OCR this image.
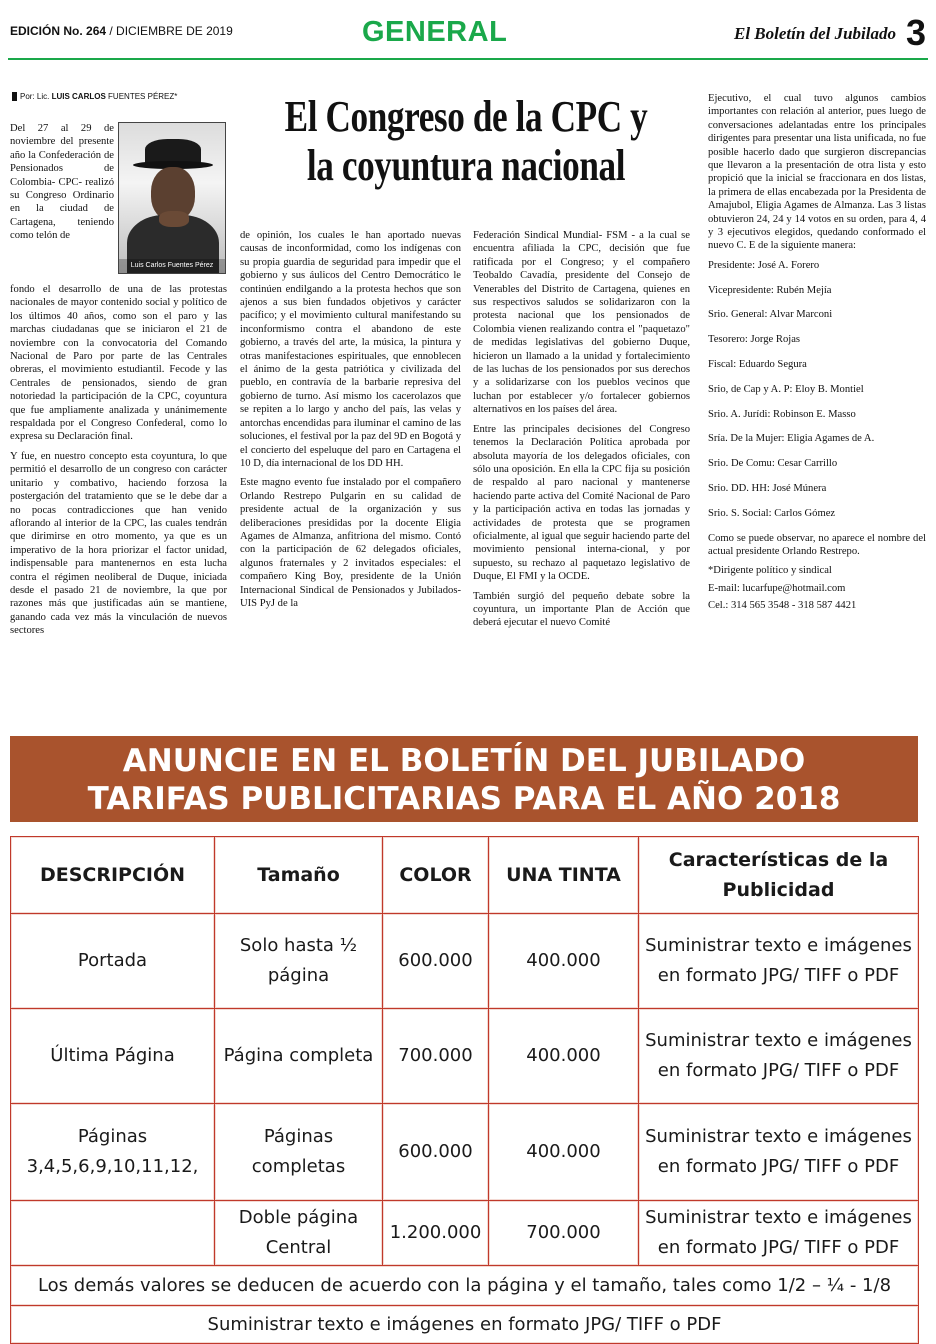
EDICIÓN No. 264 / DICIEMBRE DE 2019	GENERAL	El Boletín del Jubilado 3
Por: Lic. LUIS CARLOS FUENTES PÉREZ* El Congreso de la CPC y la coyuntura nacional
Luis Carlos Fuentes Pérez

Del 27 al 29 de noviembre del presente año la Confederación de Pensionados de Colombia- CPC- realizó su Congreso Ordinario en la ciudad de Cartagena, teniendo como telón de

fondo el desarrollo de una de las protestas nacionales de mayor contenido social y político de los últimos 40 años, como son el paro y las marchas ciudadanas que se iniciaron el 21 de noviembre con la convocatoria del Comando Nacional de Paro por parte de las Centrales obreras, el movimiento estudiantil. Fecode y las Centrales de pensionados, siendo de gran notoriedad la participación de la CPC, coyuntura que fue ampliamente analizada y unánimemente respaldada por el Congreso Confederal, como lo expresa su Declaración final.

Y fue, en nuestro concepto esta coyuntura, lo que permitió el desarrollo de un congreso con carácter unitario y combativo, haciendo forzosa la postergación del tratamiento que se le debe dar a no pocas contradicciones que han venido aflorando al interior de la CPC, las cuales tendrán que dirimirse en otro momento, ya que es un imperativo de la hora priorizar el factor unidad, indispensable para mantenernos en esta lucha contra el régimen neoliberal de Duque, iniciada desde el pasado 21 de noviembre, la que por razones más que justificadas aún se mantiene, ganando cada vez más la vinculación de nuevos sectores

de opinión, los cuales le han aportado nuevas causas de inconformidad, como los indígenas con su propia guardia de seguridad para impedir que el gobierno y sus áulicos del Centro Democrático le continúen endilgando a la protesta hechos que son ajenos a sus bien fundados objetivos y carácter pacífico; y el movimiento cultural manifestando su inconformismo contra el abandono de este gobierno, a través del arte, la música, la pintura y otras manifestaciones espirituales, que ennoblecen el ánimo de la gesta patriótica y civilizada del pueblo, en contravía de la barbarie represiva del gobierno de turno. Así mismo los cacerolazos que se repiten a lo largo y ancho del país, las velas y antorchas encendidas para iluminar el camino de las soluciones, el festival por la paz del 9D en Bogotá y el concierto del espeluque del paro en Cartagena el 10 D, día internacional de los DD HH.

Este magno evento fue instalado por el compañero Orlando Restrepo Pulgarin en su calidad de presidente actual de la organización y sus deliberaciones presididas por la docente Eligia Agames de Almanza, anfitriona del mismo. Contó con la participación de 62 delegados oficiales, algunos fraternales y 2 invitados especiales: el compañero King Boy, presidente de la Unión Internacional Sindical de Pensionados y Jubilados- UIS PyJ de la

Federación Sindical Mundial- FSM - a la cual se encuentra afiliada la CPC, decisión que fue ratificada por el Congreso; y el compañero Teobaldo Cavadía, presidente del Consejo de Venerables del Distrito de Cartagena, quienes en sus respectivos saludos se solidarizaron con la protesta nacional que los pensionados de Colombia vienen realizando contra el "paquetazo" de medidas legislativas del gobierno Duque, hicieron un llamado a la unidad y fortalecimiento de las luchas de los pensionados por sus derechos y a solidarizarse con los pueblos vecinos que luchan por establecer y/o fortalecer gobiernos alternativos en los países del área.

Entre las principales decisiones del Congreso tenemos la Declaración Política aprobada por absoluta mayoría de los delegados oficiales, con sólo una oposición. En ella la CPC fija su posición de respaldo al paro nacional y mantenerse haciendo parte activa del Comité Nacional de Paro y la participación activa en todas las jornadas y actividades de protesta que se programen oficialmente, al igual que seguir haciendo parte del movimiento pensional interna-cional, y por supuesto, su rechazo al paquetazo legislativo de Duque, El FMI y la OCDE.

También surgió del pequeño debate sobre la coyuntura, un importante Plan de Acción que deberá ejecutar el nuevo Comité

Ejecutivo, el cual tuvo algunos cambios importantes con relación al anterior, pues luego de conversaciones adelantadas entre los principales dirigentes para presentar una lista unificada, no fue posible hacerlo dado que surgieron discrepancias que llevaron a la presentación de otra lista y esto propició que la inicial se fraccionara en dos listas, la primera de ellas encabezada por la Presidenta de Amajubol, Eligia Agames de Almanza. Las 3 listas obtuvieron 24, 24 y 14 votos en su orden, para 4, 4 y 3 ejecutivos elegidos, quedando conformado el nuevo C. E de la siguiente manera:

Presidente: José A. Forero
Vicepresidente: Rubén Mejía
Srio. General: Alvar Marconi
Tesorero: Jorge Rojas
Fiscal: Eduardo Segura
Srio, de Cap y A. P: Eloy B. Montiel
Srio. A. Jurídi: Robinson E. Masso
Sría. De la Mujer: Eligia Agames de A.
Srio. De Comu: Cesar Carrillo
Srio. DD. HH: José Múnera
Srio. S. Social: Carlos Gómez

Como se puede observar, no aparece el nombre del actual presidente Orlando Restrepo.

*Dirigente político y sindical
E-mail: lucarfupe@hotmail.com
Cel.: 314 565 3548 - 318 587 4421
ANUNCIE EN EL BOLETÍN DEL JUBILADO
TARIFAS PUBLICITARIAS PARA EL AÑO 2018
DESCRIPCIÓN	Tamaño	COLOR	UNA TINTA	Características de la Publicidad
Portada	Solo hasta ½ página	600.000	400.000	Suministrar texto e imágenes en formato JPG/ TIFF o PDF
Última Página	Página completa	700.000	400.000	Suministrar texto e imágenes en formato JPG/ TIFF o PDF
Páginas 3,4,5,6,9,10,11,12,	Páginas completas	600.000	400.000	Suministrar texto e imágenes en formato JPG/ TIFF o PDF
	Doble página Central	1.200.000	700.000	Suministrar texto e imágenes en formato JPG/ TIFF o PDF
Los demás valores se deducen de acuerdo con la página y el tamaño, tales como 1/2 – ¼ - 1/8				
Suministrar texto e imágenes en formato JPG/ TIFF o PDF				
